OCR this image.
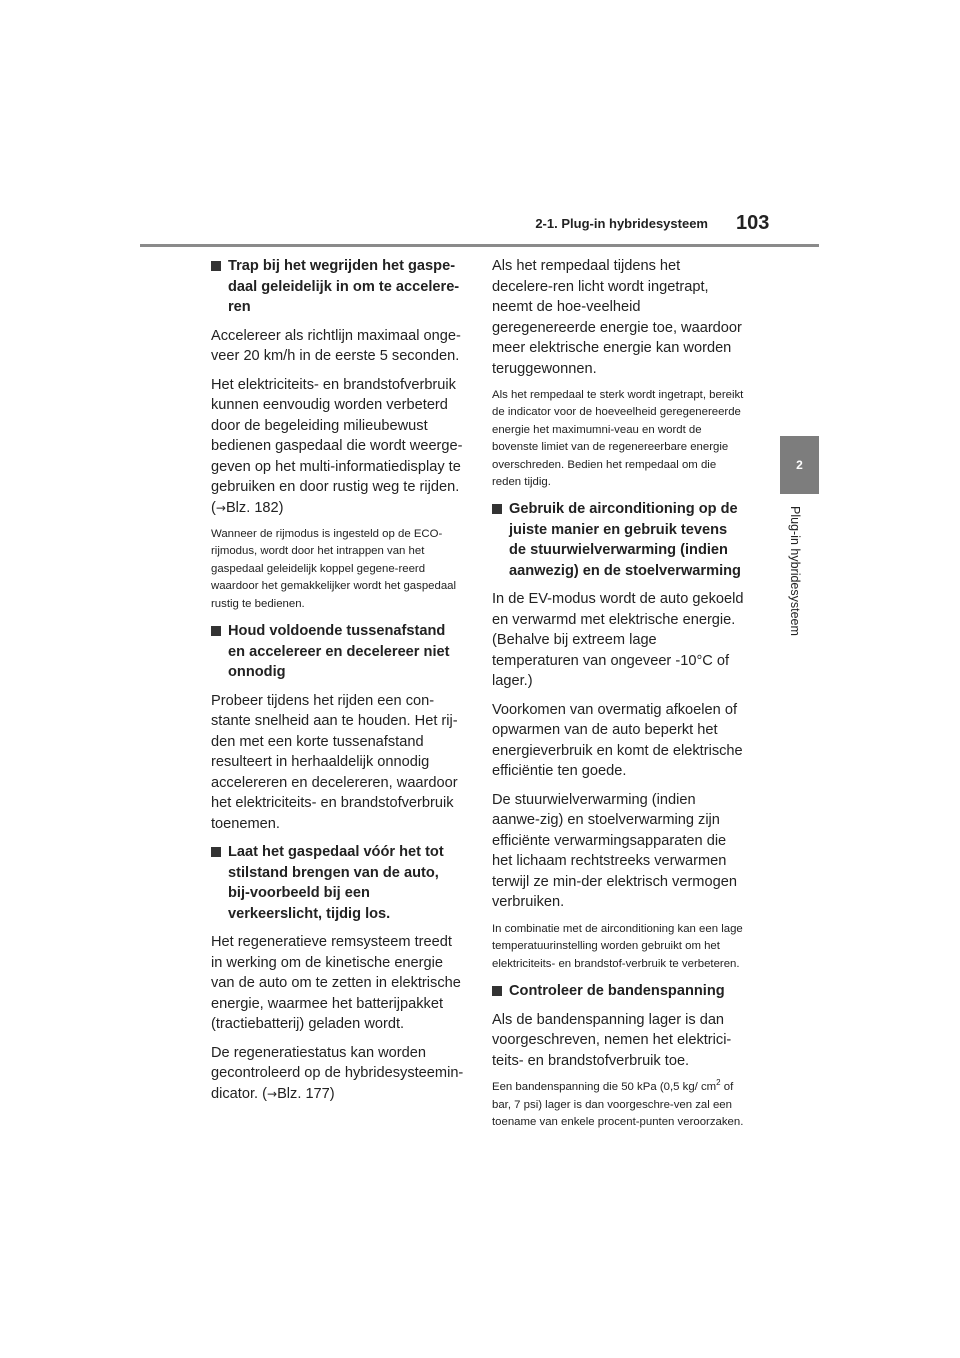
2-1. Plug-in hybridesysteem 103
2
Plug-in hybridesysteem
Trap bij het wegrijden het gaspe-daal geleidelijk in om te accelere-ren
Accelereer als richtlijn maximaal onge-veer 20 km/h in de eerste 5 seconden.
Het elektriciteits- en brandstofverbruik kunnen eenvoudig worden verbeterd door de begeleiding milieubewust bedienen gaspedaal die wordt weerge-geven op het multi-informatiedisplay te gebruiken en door rustig weg te rijden.
(→Blz. 182)
Wanneer de rijmodus is ingesteld op de ECO-rijmodus, wordt door het intrappen van het gaspedaal geleidelijk koppel gegene-reerd waardoor het gemakkelijker wordt het gaspedaal rustig te bedienen.
Houd voldoende tussenafstand en accelereer en decelereer niet onnodig
Probeer tijdens het rijden een con-stante snelheid aan te houden. Het rij-den met een korte tussenafstand resulteert in herhaaldelijk onnodig accelereren en decelereren, waardoor het elektriciteits- en brandstofverbruik toenemen.
Laat het gaspedaal vóór het tot stilstand brengen van de auto, bij-voorbeeld bij een verkeerslicht, tijdig los.
Het regeneratieve remsysteem treedt in werking om de kinetische energie van de auto om te zetten in elektrische energie, waarmee het batterijpakket (tractiebatterij) geladen wordt.
De regeneratiestatus kan worden gecontroleerd op de hybridesysteemin-dicator. (→Blz. 177)
Als het rempedaal tijdens het decelere-ren licht wordt ingetrapt, neemt de hoe-veelheid geregenereerde energie toe, waardoor meer elektrische energie kan worden teruggewonnen.
Als het rempedaal te sterk wordt ingetrapt, bereikt de indicator voor de hoeveelheid geregenereerde energie het maximumni-veau en wordt de bovenste limiet van de regenereerbare energie overschreden. Bedien het rempedaal om die reden tijdig.
Gebruik de airconditioning op de juiste manier en gebruik tevens de stuurwielverwarming (indien aanwezig) en de stoelverwarming
In de EV-modus wordt de auto gekoeld en verwarmd met elektrische energie. (Behalve bij extreem lage temperaturen van ongeveer -10°C of lager.)
Voorkomen van overmatig afkoelen of opwarmen van de auto beperkt het energieverbruik en komt de elektrische efficiëntie ten goede.
De stuurwielverwarming (indien aanwe-zig) en stoelverwarming zijn efficiënte verwarmingsapparaten die het lichaam rechtstreeks verwarmen terwijl ze min-der elektrisch vermogen verbruiken.
In combinatie met de airconditioning kan een lage temperatuurinstelling worden gebruikt om het elektriciteits- en brandstof-verbruik te verbeteren.
Controleer de bandenspanning
Als de bandenspanning lager is dan voorgeschreven, nemen het elektrici-teits- en brandstofverbruik toe.
Een bandenspanning die 50 kPa (0,5 kg/ $cm^2$ of bar, 7 psi) lager is dan voorgeschre-ven zal een toename van enkele procent-punten veroorzaken.
